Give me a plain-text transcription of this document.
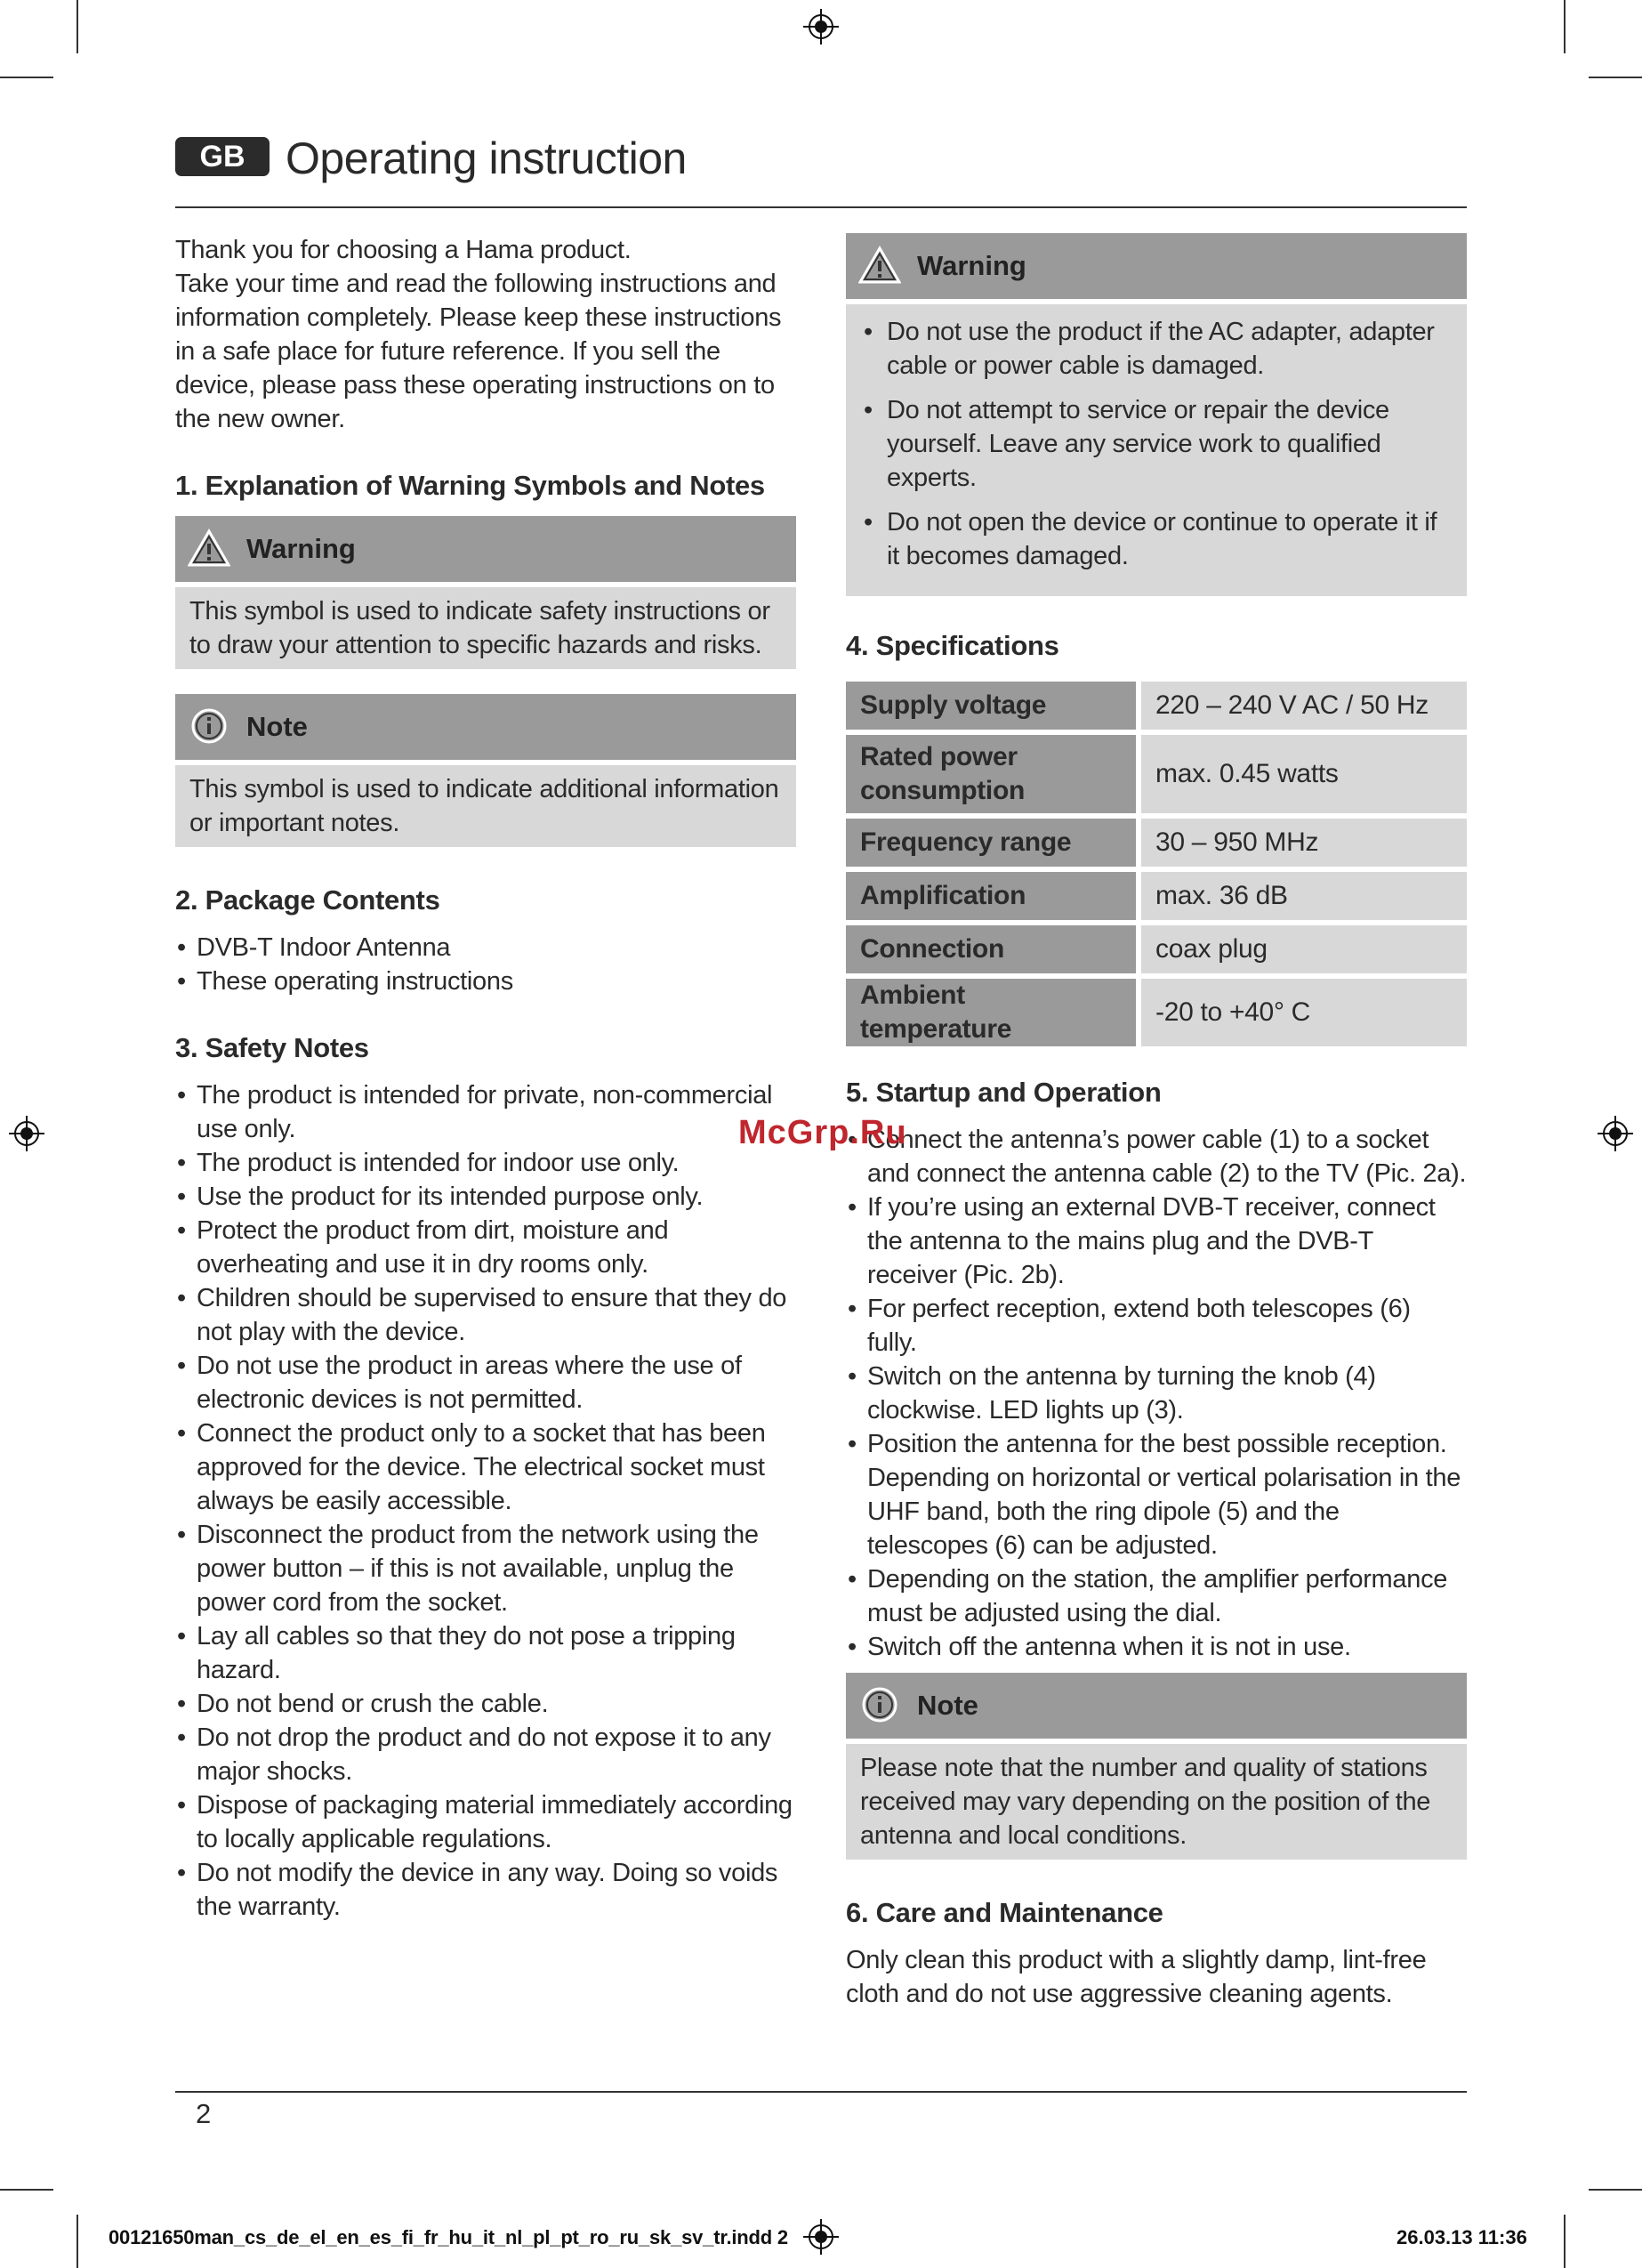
GB Operating instruction

Thank you for choosing a Hama product.

Take your time and read the following instructions and information completely. Please keep these instructions in a safe place for future reference. If you sell the device, please pass these operating instructions on to the new owner.

1. Explanation of Warning Symbols and Notes
Warning

This symbol is used to indicate safety instructions or to draw your attention to specific hazards and risks.

Note

This symbol is used to indicate additional information or important notes.

2. Package Contents
• DVB-T Indoor Antenna
• These operating instructions
3. Safety Notes
• The product is intended for private, non-commercial use only.
• The product is intended for indoor use only.
• Use the product for its intended purpose only.
• Protect the product from dirt, moisture and overheating and use it in dry rooms only.
• Children should be supervised to ensure that they do not play with the device.
• Do not use the product in areas where the use of electronic devices is not permitted.
• Connect the product only to a socket that has been approved for the device. The electrical socket must always be easily accessible.
• Disconnect the product from the network using the power button – if this is not available, unplug the power cord from the socket.
• Lay all cables so that they do not pose a tripping hazard.
• Do not bend or crush the cable.
• Do not drop the product and do not expose it to any major shocks.
• Dispose of packaging material immediately according to locally applicable regulations.
• Do not modify the device in any way. Doing so voids the warranty.
Warning
• Do not use the product if the AC adapter, adapter cable or power cable is damaged.
• Do not attempt to service or repair the device yourself. Leave any service work to qualified experts.
• Do not open the device or continue to operate it if it becomes damaged.
4. Specifications
Supply voltage	220 – 240 V AC / 50 Hz
Rated power consumption	max. 0.45 watts
Frequency range	30 – 950 MHz
Amplification	max. 36 dB
Connection	coax plug
Ambient temperature	-20 to +40° C
5. Startup and Operation
• Connect the antenna’s power cable (1) to a socket and connect the antenna cable (2) to the TV (Pic. 2a).
• If you’re using an external DVB-T receiver, connect the antenna to the mains plug and the DVB-T receiver (Pic. 2b).
• For perfect reception, extend both telescopes (6) fully.
• Switch on the antenna by turning the knob (4) clockwise. LED lights up (3).
• Position the antenna for the best possible reception. Depending on horizontal or vertical polarisation in the UHF band, both the ring dipole (5) and the telescopes (6) can be adjusted.
• Depending on the station, the amplifier performance must be adjusted using the dial.
• Switch off the antenna when it is not in use.
Note

Please note that the number and quality of stations received may vary depending on the position of the antenna and local conditions.

6. Care and Maintenance

Only clean this product with a slightly damp, lint-free cloth and do not use aggressive cleaning agents.

McGrp.Ru
2
00121650man_cs_de_el_en_es_fi_fr_hu_it_nl_pl_pt_ro_ru_sk_sv_tr.indd 2	26.03.13 11:36
